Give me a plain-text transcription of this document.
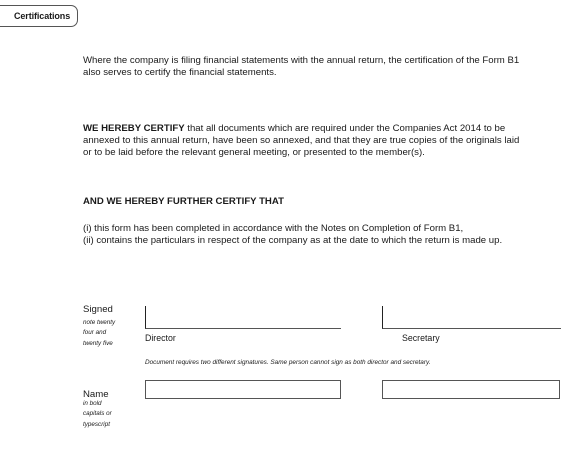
Certifications

Where the company is filing financial statements with the annual return, the certification of the Form B1
also serves to certify the financial statements.

WE HEREBY CERTIFY that all documents which are required under the Companies Act 2014 to be
annexed to this annual return, have been so annexed, and that they are true copies of the originals laid
or to be laid before the relevant general meeting, or presented to the member(s).

AND WE HEREBY FURTHER CERTIFY THAT

(i) this form has been completed in accordance with the Notes on Completion of Form B1,
(ii) contains the particulars in respect of the company as at the date to which the return is made up.

Signed
note twenty
four and
twenty five
Director	Secretary
Document requires two different signatures. Same person cannot sign as both director and secretary.
Name
in bold
capitals or
typescript
